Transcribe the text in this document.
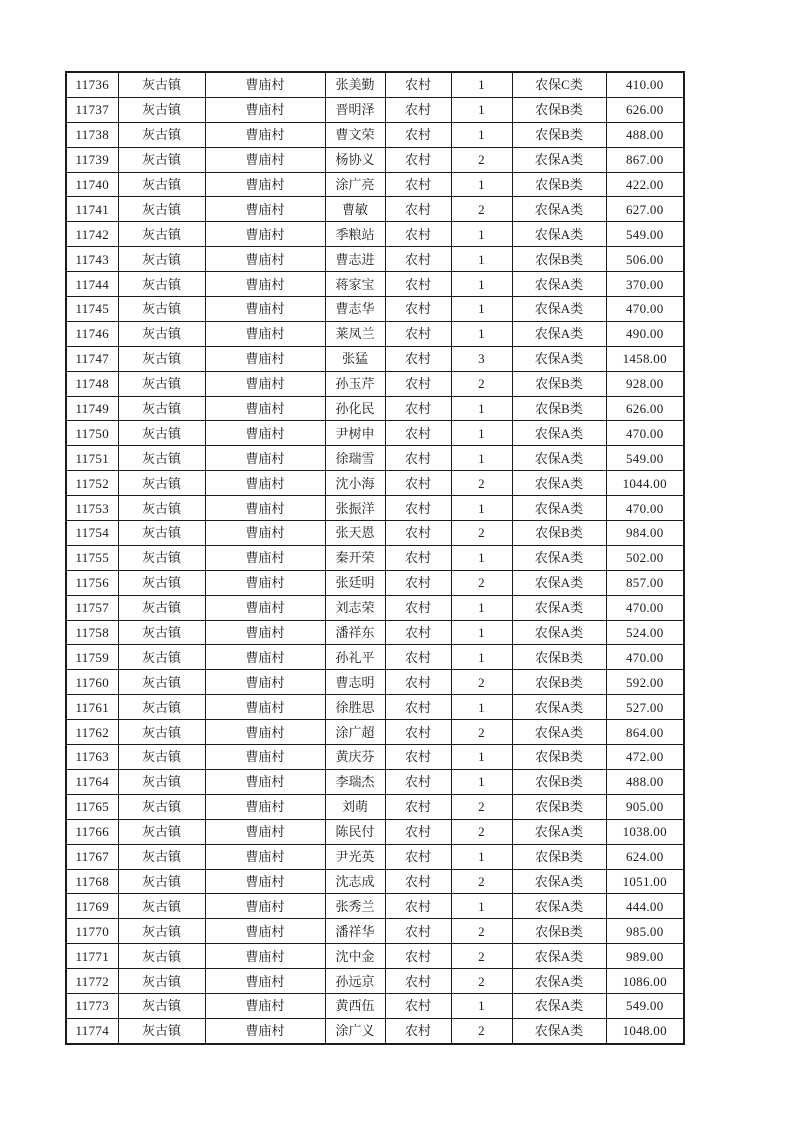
11736	灰古镇	曹庙村	张美勤	农村	1	农保C类	410.00
11737	灰古镇	曹庙村	晋明泽	农村	1	农保B类	626.00
11738	灰古镇	曹庙村	曹文荣	农村	1	农保B类	488.00
11739	灰古镇	曹庙村	杨协义	农村	2	农保A类	867.00
11740	灰古镇	曹庙村	涂广亮	农村	1	农保B类	422.00
11741	灰古镇	曹庙村	曹敏	农村	2	农保A类	627.00
11742	灰古镇	曹庙村	季粮站	农村	1	农保A类	549.00
11743	灰古镇	曹庙村	曹志进	农村	1	农保B类	506.00
11744	灰古镇	曹庙村	蒋家宝	农村	1	农保A类	370.00
11745	灰古镇	曹庙村	曹志华	农村	1	农保A类	470.00
11746	灰古镇	曹庙村	莱凤兰	农村	1	农保A类	490.00
11747	灰古镇	曹庙村	张猛	农村	3	农保A类	1458.00
11748	灰古镇	曹庙村	孙玉芹	农村	2	农保B类	928.00
11749	灰古镇	曹庙村	孙化民	农村	1	农保B类	626.00
11750	灰古镇	曹庙村	尹树申	农村	1	农保A类	470.00
11751	灰古镇	曹庙村	徐瑞雪	农村	1	农保A类	549.00
11752	灰古镇	曹庙村	沈小海	农村	2	农保A类	1044.00
11753	灰古镇	曹庙村	张振洋	农村	1	农保A类	470.00
11754	灰古镇	曹庙村	张天恩	农村	2	农保B类	984.00
11755	灰古镇	曹庙村	秦开荣	农村	1	农保A类	502.00
11756	灰古镇	曹庙村	张廷明	农村	2	农保A类	857.00
11757	灰古镇	曹庙村	刘志荣	农村	1	农保A类	470.00
11758	灰古镇	曹庙村	潘祥东	农村	1	农保A类	524.00
11759	灰古镇	曹庙村	孙礼平	农村	1	农保B类	470.00
11760	灰古镇	曹庙村	曹志明	农村	2	农保B类	592.00
11761	灰古镇	曹庙村	徐胜思	农村	1	农保A类	527.00
11762	灰古镇	曹庙村	涂广超	农村	2	农保A类	864.00
11763	灰古镇	曹庙村	黄庆芬	农村	1	农保B类	472.00
11764	灰古镇	曹庙村	李瑞杰	农村	1	农保B类	488.00
11765	灰古镇	曹庙村	刘萌	农村	2	农保B类	905.00
11766	灰古镇	曹庙村	陈民付	农村	2	农保A类	1038.00
11767	灰古镇	曹庙村	尹光英	农村	1	农保B类	624.00
11768	灰古镇	曹庙村	沈志成	农村	2	农保A类	1051.00
11769	灰古镇	曹庙村	张秀兰	农村	1	农保A类	444.00
11770	灰古镇	曹庙村	潘祥华	农村	2	农保B类	985.00
11771	灰古镇	曹庙村	沈中金	农村	2	农保A类	989.00
11772	灰古镇	曹庙村	孙远京	农村	2	农保A类	1086.00
11773	灰古镇	曹庙村	黄西伍	农村	1	农保A类	549.00
11774	灰古镇	曹庙村	涂广义	农村	2	农保A类	1048.00
